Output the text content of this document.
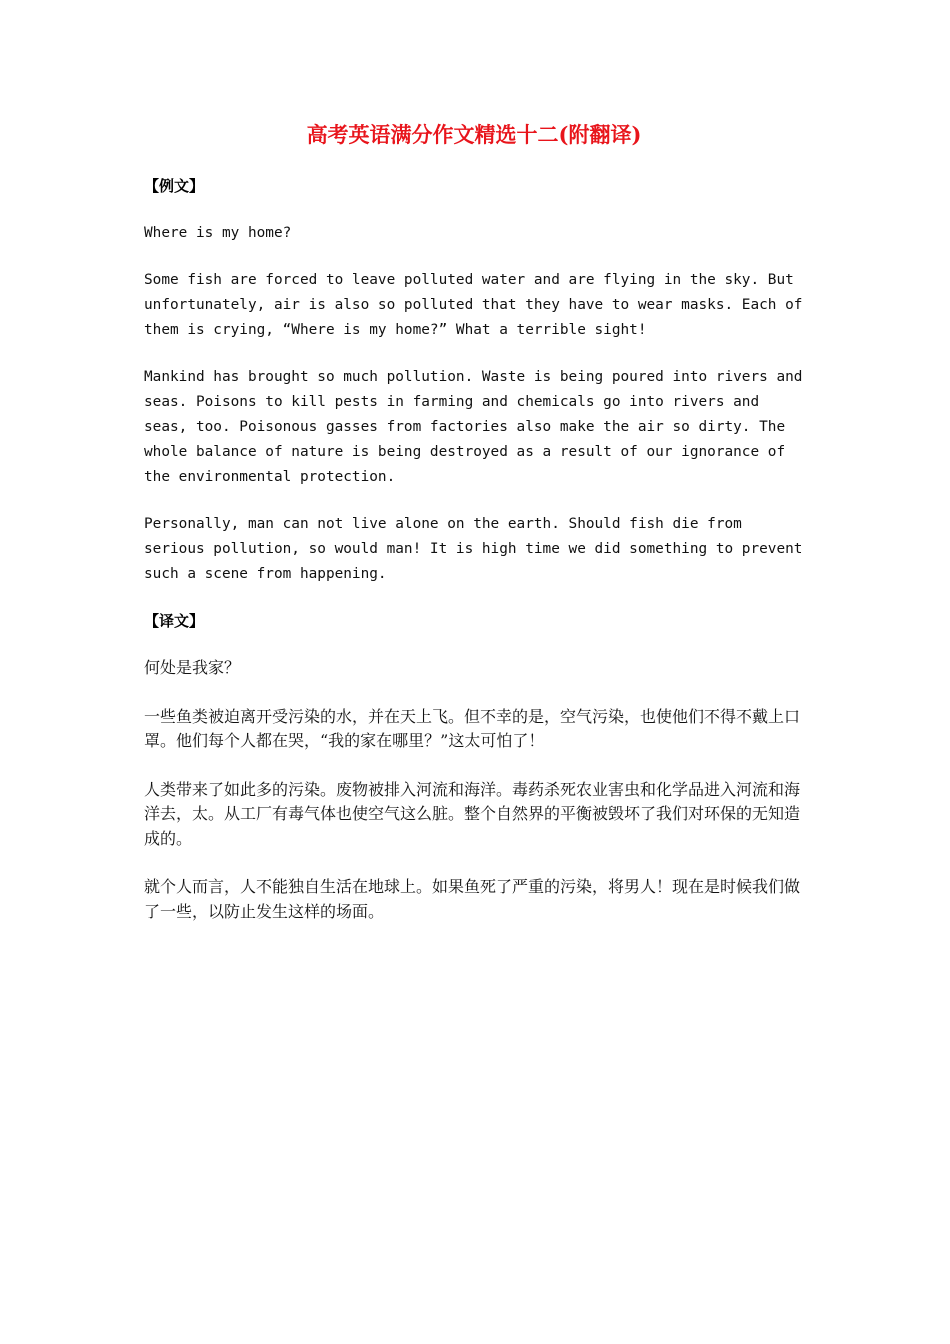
高考英语满分作文精选十二(附翻译)
【例文】

Where is my home?

Some fish are forced to leave polluted water and are flying in the sky. But unfortunately, air is also so polluted that they have to wear masks. Each of them is crying, “Where is my home?” What a terrible sight!

Mankind has brought so much pollution. Waste is being poured into rivers and seas. Poisons to kill pests in farming and chemicals go into rivers and seas, too. Poisonous gasses from factories also make the air so dirty. The whole balance of nature is being destroyed as a result of our ignorance of the environmental protection.

Personally, man can not live alone on the earth. Should fish die from serious pollution, so would man! It is high time we did something to prevent such a scene from happening.

【译文】

何处是我家？

一些鱼类被迫离开受污染的水，并在天上飞。但不幸的是，空气污染，也使他们不得不戴上口罩。他们每个人都在哭，“我的家在哪里？”这太可怕了！

人类带来了如此多的污染。废物被排入河流和海洋。毒药杀死农业害虫和化学品进入河流和海洋去，太。从工厂有毒气体也使空气这么脏。整个自然界的平衡被毁坏了我们对环保的无知造成的。

就个人而言，人不能独自生活在地球上。如果鱼死了严重的污染，将男人！现在是时候我们做了一些，以防止发生这样的场面。
